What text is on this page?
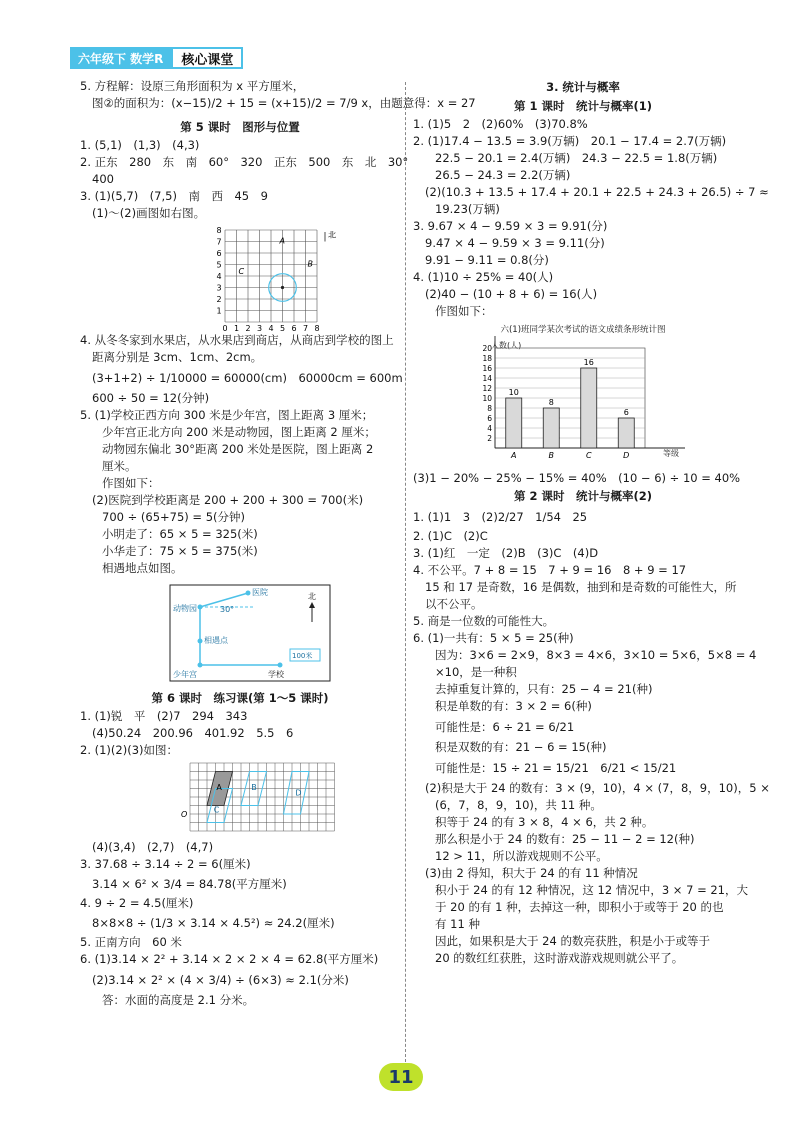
六年级下 数学R	核心课堂
5. 方程解：设原三角形面积为 x 平方厘米，
图②的面积为：(x−15)/2 + 15 = (x+15)/2 = 7/9 x，由题意得：x = 27
第 5 课时　图形与位置
1. (5,1)　(1,3)　(4,3)
2. 正东　280　东　南　60°　320　正东　500　东　北　30°
400
3. (1)(5,7)　(7,5)　南　西　45　9
(1)～(2)画图如右图。
0 1 2 3 4 5 6 7 8
1
2
3
4
5
6
7
8
A
B
C
北
4. 从冬冬家到水果店，从水果店到商店，从商店到学校的图上
距离分别是 3cm、1cm、2cm。
(3+1+2) ÷ 1/10000 = 60000(cm)　60000cm = 600m
600 ÷ 50 = 12(分钟)
5. (1)学校正西方向 300 米是少年宫，图上距离 3 厘米；
少年宫正北方向 200 米是动物园，图上距离 2 厘米；
动物园东偏北 30°距离 200 米处是医院，图上距离 2
厘米。
作图如下：
(2)医院到学校距离是 200 + 200 + 300 = 700(米)
700 ÷ (65+75) = 5(分钟)
小明走了：65 × 5 = 325(米)
小华走了：75 × 5 = 375(米)
相遇地点如图。
医院
动物园	30°
相遇点
少年宫	学校
北
100米
第 6 课时　练习课(第 1～5 课时)
1. (1)锐　平　(2)7　294　343
(4)50.24　200.96　401.92　5.5　6
2. (1)(2)(3)如图：
A	B
C
D
O
(4)(3,4)　(2,7)　(4,7)
3. 37.68 ÷ 3.14 ÷ 2 = 6(厘米)
3.14 × 6² × 3/4 = 84.78(平方厘米)
4. 9 ÷ 2 = 4.5(厘米)
8×8×8 ÷ (1/3 × 3.14 × 4.5²) ≈ 24.2(厘米)
5. 正南方向　60 米
6. (1)3.14 × 2² + 3.14 × 2 × 2 × 4 = 62.8(平方厘米)
(2)3.14 × 2² × (4 × 3/4) ÷ (6×3) ≈ 2.1(分米)
答：水面的高度是 2.1 分米。
3. 统计与概率
第 1 课时　统计与概率(1)
1. (1)5　2　(2)60%　(3)70.8%
2. (1)17.4 − 13.5 = 3.9(万辆)　20.1 − 17.4 = 2.7(万辆)
22.5 − 20.1 = 2.4(万辆)　24.3 − 22.5 = 1.8(万辆)
26.5 − 24.3 = 2.2(万辆)
(2)(10.3 + 13.5 + 17.4 + 20.1 + 22.5 + 24.3 + 26.5) ÷ 7 ≈
19.23(万辆)
3. 9.67 × 4 − 9.59 × 3 = 9.91(分)
9.47 × 4 − 9.59 × 3 = 9.11(分)
9.91 − 9.11 = 0.8(分)
4. (1)10 ÷ 25% = 40(人)
(2)40 − (10 + 8 + 6) = 16(人)
作图如下：
六(1)班同学某次考试的语文成绩条形统计图
人数(人)
等级
2
4
6
8
10
12
14
16
18
20
10
A
8
B
16
C
6
D
(3)1 − 20% − 25% − 15% = 40%　(10 − 6) ÷ 10 = 40%
第 2 课时　统计与概率(2)
1. (1)1　3　(2)2/27　1/54　25
2. (1)C　(2)C
3. (1)红　一定　(2)B　(3)C　(4)D
4. 不公平。7 + 8 = 15　7 + 9 = 16　8 + 9 = 17
15 和 17 是奇数，16 是偶数，抽到和是奇数的可能性大，所
以不公平。
5. 商是一位数的可能性大。
6. (1)一共有：5 × 5 = 25(种)
因为：3×6 = 2×9，8×3 = 4×6，3×10 = 5×6，5×8 = 4
×10，是一种积
去掉重复计算的，只有：25 − 4 = 21(种)
积是单数的有：3 × 2 = 6(种)
可能性是：6 ÷ 21 = 6/21
积是双数的有：21 − 6 = 15(种)
可能性是：15 ÷ 21 = 15/21　6/21 < 15/21
(2)积是大于 24 的数有：3 × (9，10)，4 × (7，8，9，10)，5 ×
(6，7，8，9，10)，共 11 种。
积等于 24 的有 3 × 8，4 × 6，共 2 种。
那么积是小于 24 的数有：25 − 11 − 2 = 12(种)
12 > 11，所以游戏规则不公平。
(3)由 2 得知，积大于 24 的有 11 种情况
积小于 24 的有 12 种情况，这 12 情况中，3 × 7 = 21，大
于 20 的有 1 种，去掉这一种，即积小于或等于 20 的也
有 11 种
因此，如果积是大于 24 的数亮获胜，积是小于或等于
20 的数红红获胜，这时游戏游戏规则就公平了。
11
